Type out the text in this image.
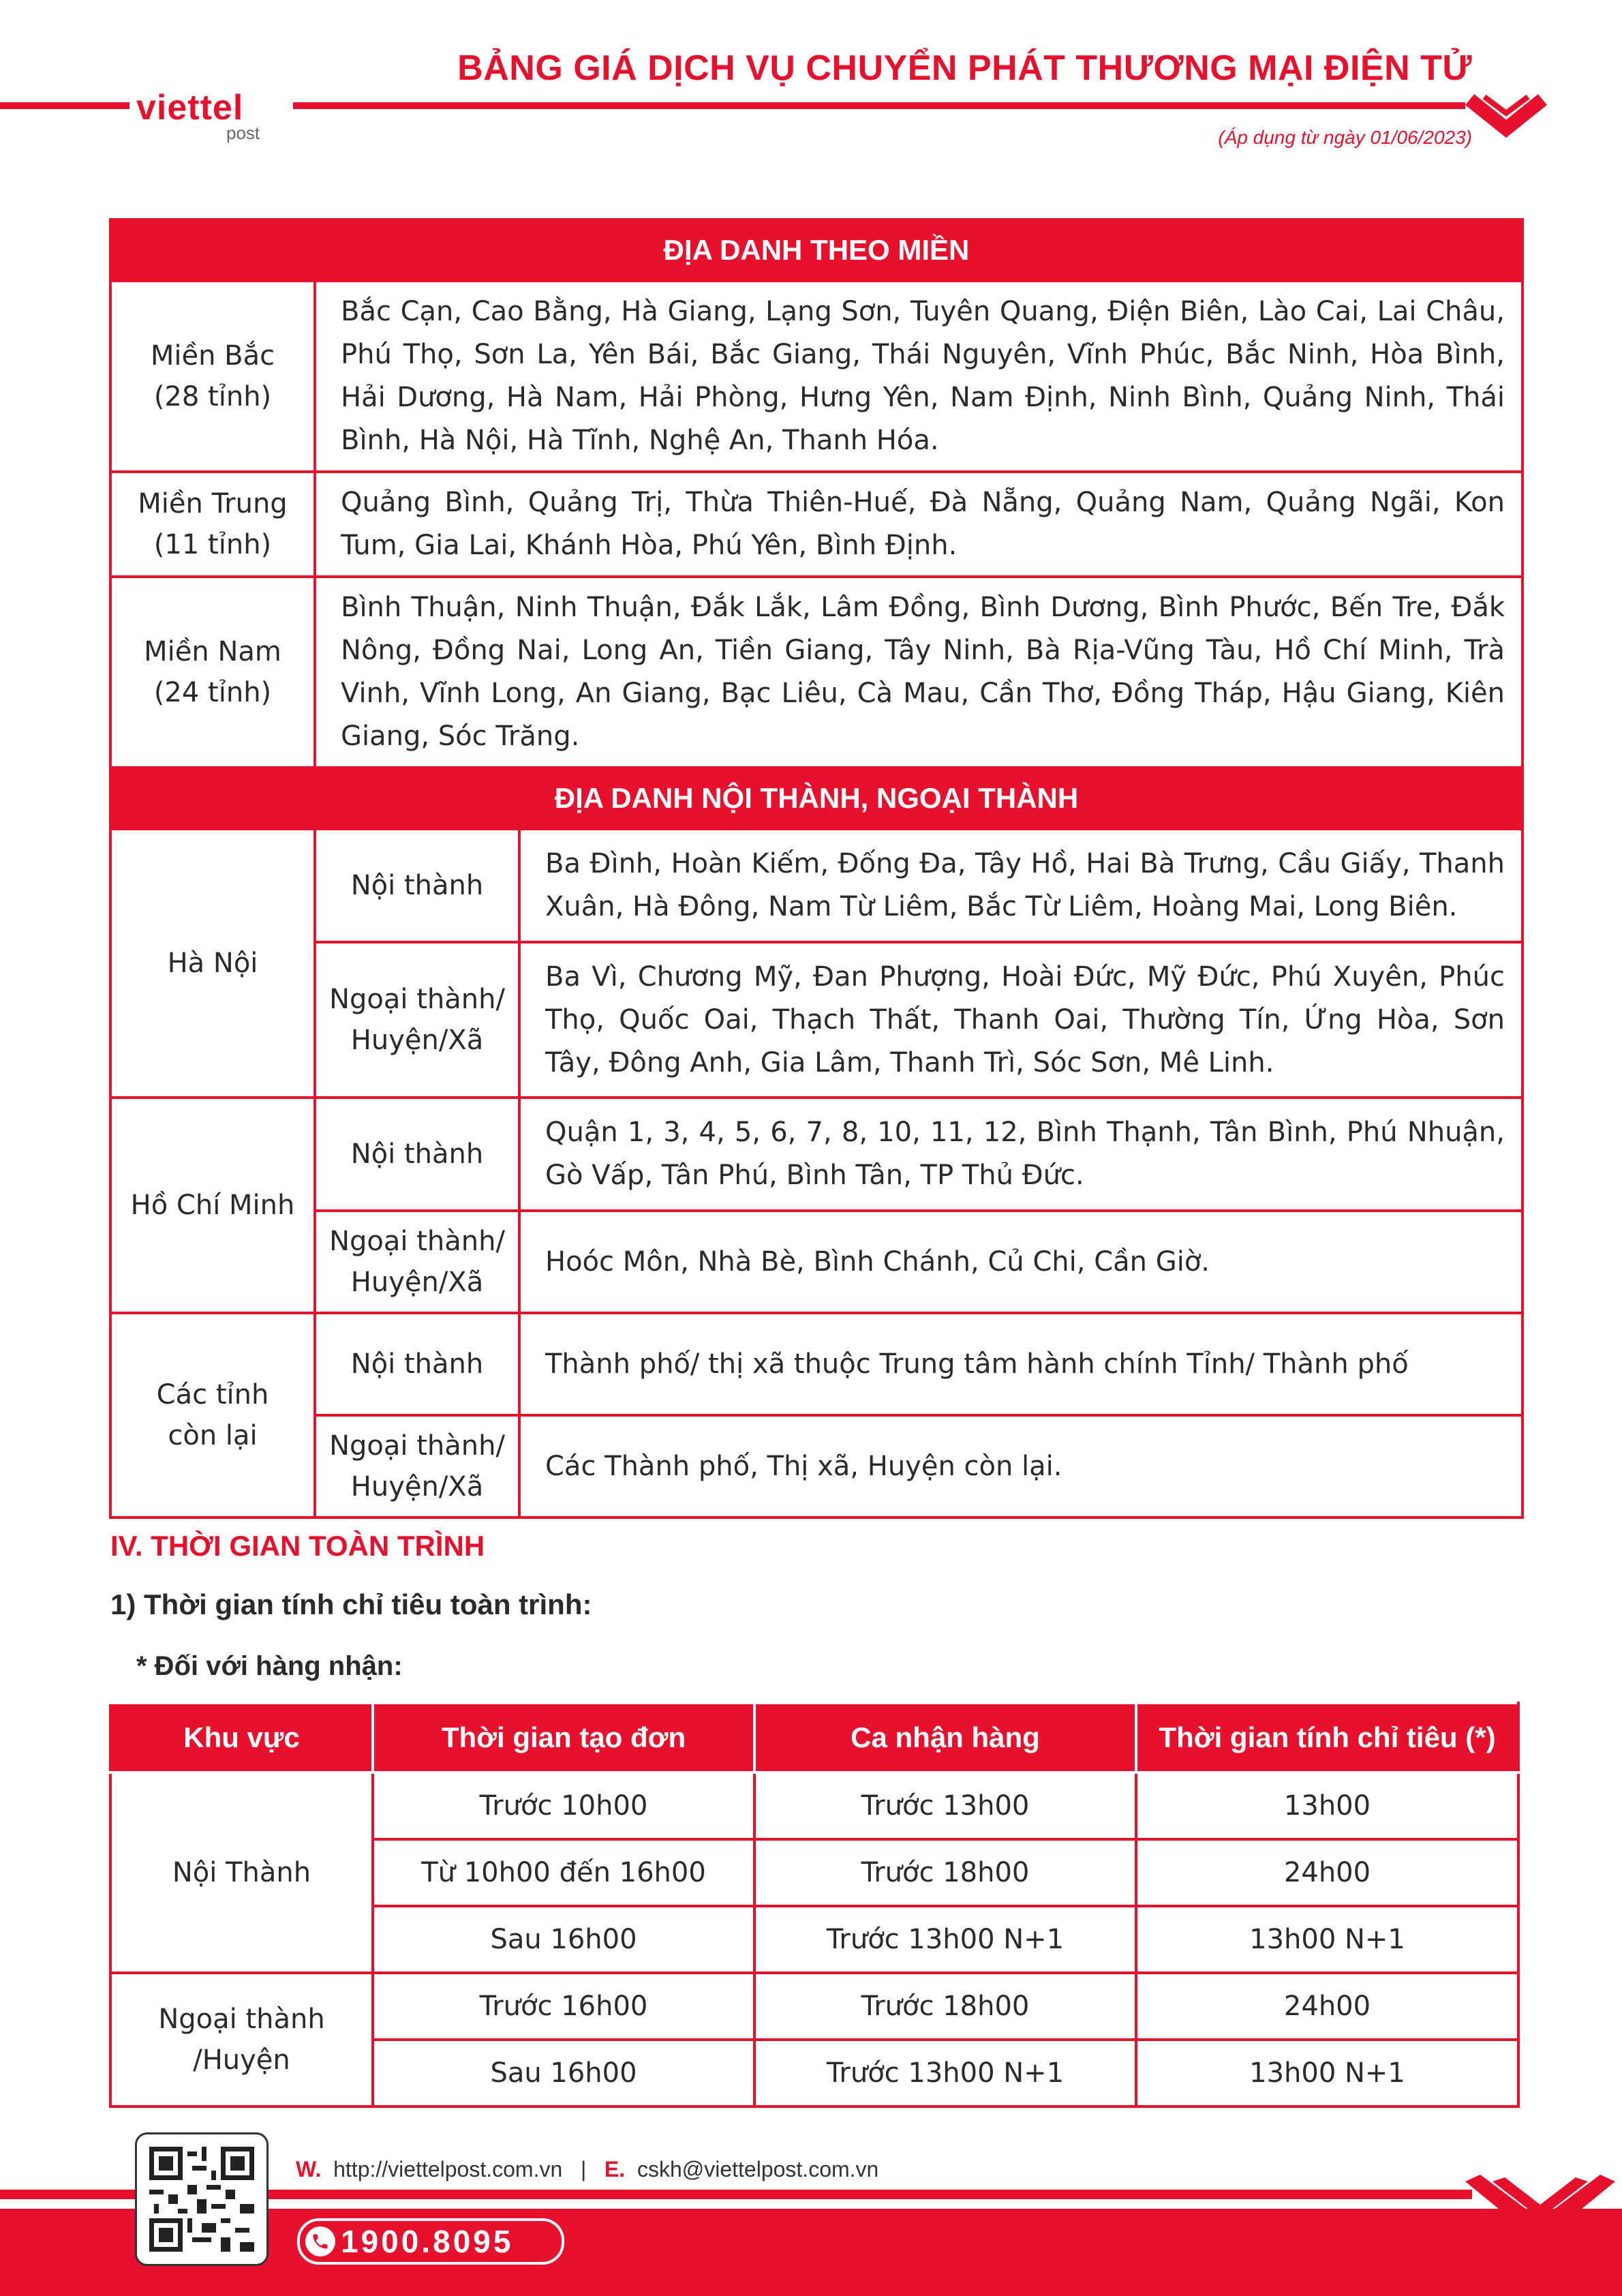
viettel
post
BẢNG GIÁ DỊCH VỤ CHUYỂN PHÁT THƯƠNG MẠI ĐIỆN TỬ
(Áp dụng từ ngày 01/06/2023)
ĐỊA DANH THEO MIỀN		
Miền Bắc
(28 tỉnh)	Bắc Cạn, Cao Bằng, Hà Giang, Lạng Sơn, Tuyên Quang, Điện Biên, Lào Cai, Lai Châu, Phú Thọ, Sơn La, Yên Bái, Bắc Giang, Thái Nguyên, Vĩnh Phúc, Bắc Ninh, Hòa Bình, Hải Dương, Hà Nam, Hải Phòng, Hưng Yên, Nam Định, Ninh Bình, Quảng Ninh, Thái Bình, Hà Nội, Hà Tĩnh, Nghệ An, Thanh Hóa.	
Miền Trung
(11 tỉnh)	Quảng Bình, Quảng Trị, Thừa Thiên-Huế, Đà Nẵng, Quảng Nam, Quảng Ngãi, Kon Tum, Gia Lai, Khánh Hòa, Phú Yên, Bình Định.	
Miền Nam
(24 tỉnh)	Bình Thuận, Ninh Thuận, Đắk Lắk, Lâm Đồng, Bình Dương, Bình Phước, Bến Tre, Đắk Nông, Đồng Nai, Long An, Tiền Giang, Tây Ninh, Bà Rịa-Vũng Tàu, Hồ Chí Minh, Trà Vinh, Vĩnh Long, An Giang, Bạc Liêu, Cà Mau, Cần Thơ, Đồng Tháp, Hậu Giang, Kiên Giang, Sóc Trăng.	
ĐỊA DANH NỘI THÀNH, NGOẠI THÀNH		
Hà Nội	Nội thành	Ba Đình, Hoàn Kiếm, Đống Đa, Tây Hồ, Hai Bà Trưng, Cầu Giấy, Thanh Xuân, Hà Đông, Nam Từ Liêm, Bắc Từ Liêm, Hoàng Mai, Long Biên.
	Ngoại thành/
Huyện/Xã	Ba Vì, Chương Mỹ, Đan Phượng, Hoài Đức, Mỹ Đức, Phú Xuyên, Phúc Thọ, Quốc Oai, Thạch Thất, Thanh Oai, Thường Tín, Ứng Hòa, Sơn Tây, Đông Anh, Gia Lâm, Thanh Trì, Sóc Sơn, Mê Linh.
Hồ Chí Minh	Nội thành	Quận 1, 3, 4, 5, 6, 7, 8, 10, 11, 12, Bình Thạnh, Tân Bình, Phú Nhuận, Gò Vấp, Tân Phú, Bình Tân, TP Thủ Đức.
	Ngoại thành/
Huyện/Xã	Hoóc Môn, Nhà Bè, Bình Chánh, Củ Chi, Cần Giờ.
Các tỉnh
còn lại	Nội thành	Thành phố/ thị xã thuộc Trung tâm hành chính Tỉnh/ Thành phố
	Ngoại thành/
Huyện/Xã	Các Thành phố, Thị xã, Huyện còn lại.
IV. THỜI GIAN TOÀN TRÌNH
1) Thời gian tính chỉ tiêu toàn trình:
* Đối với hàng nhận:
Khu vực	Thời gian tạo đơn	Ca nhận hàng	Thời gian tính chỉ tiêu (*)
Nội Thành	Trước 10h00	Trước 13h00	13h00
	Từ 10h00 đến 16h00	Trước 18h00	24h00
	Sau 16h00	Trước 13h00 N+1	13h00 N+1
Ngoại thành
/Huyện	Trước 16h00	Trước 18h00	24h00
	Sau 16h00	Trước 13h00 N+1	13h00 N+1
W. http://viettelpost.com.vn | E. cskh@viettelpost.com.vn
1900.8095
